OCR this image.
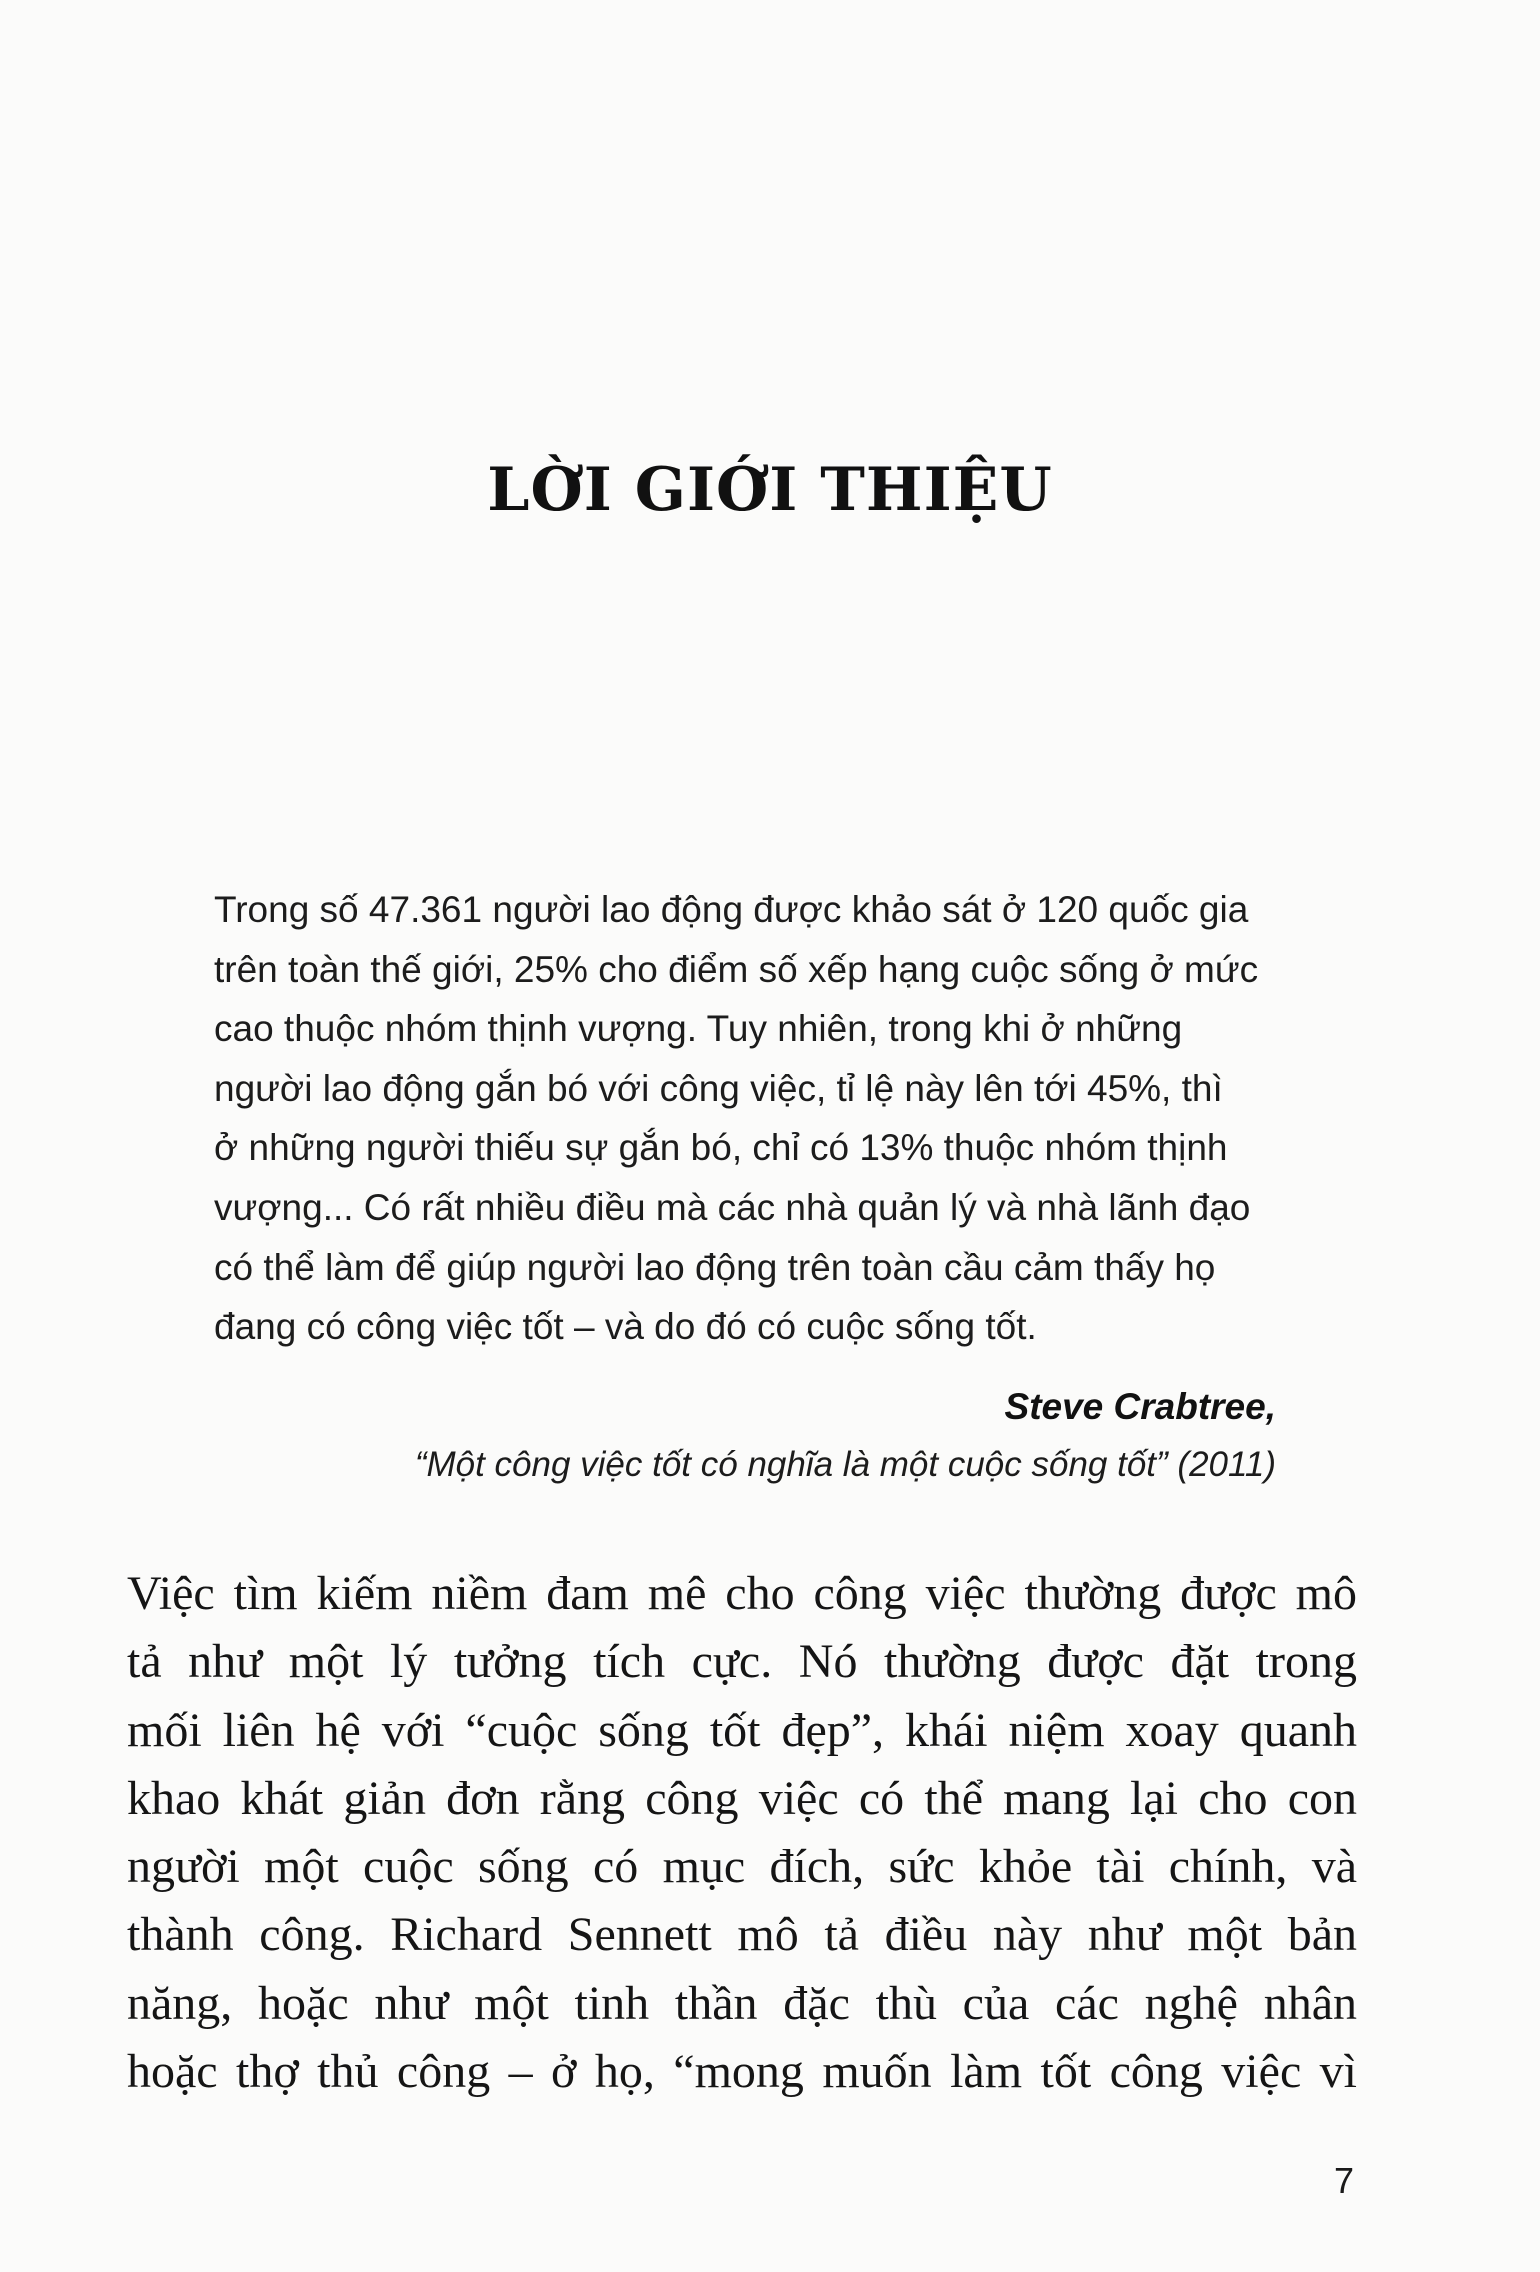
LỜI GIỚI THIỆU
Trong số 47.361 người lao động được khảo sát ở 120 quốc gia
trên toàn thế giới, 25% cho điểm số xếp hạng cuộc sống ở mức
cao thuộc nhóm thịnh vượng. Tuy nhiên, trong khi ở những
người lao động gắn bó với công việc, tỉ lệ này lên tới 45%, thì
ở những người thiếu sự gắn bó, chỉ có 13% thuộc nhóm thịnh
vượng... Có rất nhiều điều mà các nhà quản lý và nhà lãnh đạo
có thể làm để giúp người lao động trên toàn cầu cảm thấy họ
đang có công việc tốt – và do đó có cuộc sống tốt.
Steve Crabtree,
“Một công việc tốt có nghĩa là một cuộc sống tốt” (2011)
Việc tìm kiếm niềm đam mê cho công việc thường được mô
tả như một lý tưởng tích cực. Nó thường được đặt trong
mối liên hệ với “cuộc sống tốt đẹp”, khái niệm xoay quanh
khao khát giản đơn rằng công việc có thể mang lại cho con
người một cuộc sống có mục đích, sức khỏe tài chính, và
thành công. Richard Sennett mô tả điều này như một bản
năng, hoặc như một tinh thần đặc thù của các nghệ nhân
hoặc thợ thủ công – ở họ, “mong muốn làm tốt công việc vì
7
